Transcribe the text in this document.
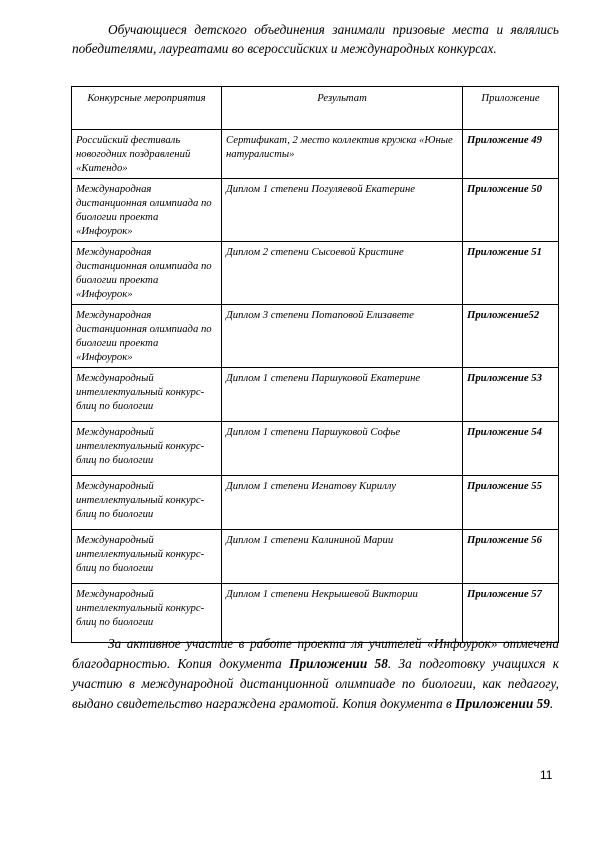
Обучающиеся детского объединения занимали призовые места и являлись победителями, лауреатами во всероссийских и международных конкурсах.

Конкурсные мероприятия	Результат	Приложение
Российский фестиваль новогодних поздравлений «Китендо»	Сертификат, 2 место коллектив кружка «Юные натуралисты»	Приложение 49
Международная дистанционная олимпиада по биологии проекта «Инфоурок»	Диплом 1 степени Погуляевой Екатерине	Приложение 50
Международная дистанционная олимпиада по биологии проекта «Инфоурок»	Диплом 2 степени Сысоевой Кристине	Приложение 51
Международная дистанционная олимпиада по биологии проекта «Инфоурок»	Диплом 3 степени Потаповой Елизавете	Приложение52
Международный интеллектуальный конкурс-блиц по биологии	Диплом 1 степени Паршуковой Екатерине	Приложение 53
Международный интеллектуальный конкурс-блиц по биологии	Диплом 1 степени Паршуковой Софье	Приложение 54
Международный интеллектуальный конкурс-блиц по биологии	Диплом 1 степени Игнатову Кириллу	Приложение 55
Международный интеллектуальный конкурс-блиц по биологии	Диплом 1 степени Калининой Марии	Приложение 56
Международный интеллектуальный конкурс-блиц по биологии	Диплом 1 степени Некрышевой Виктории	Приложение 57

За активное участие в работе проекта ля учителей «Инфоурок» отмечена благодарностью. Копия документа Приложении 58. За подготовку учащихся к участию в международной дистанционной олимпиаде по биологии, как педагогу, выдано свидетельство награждена грамотой. Копия документа в Приложении 59.

11
